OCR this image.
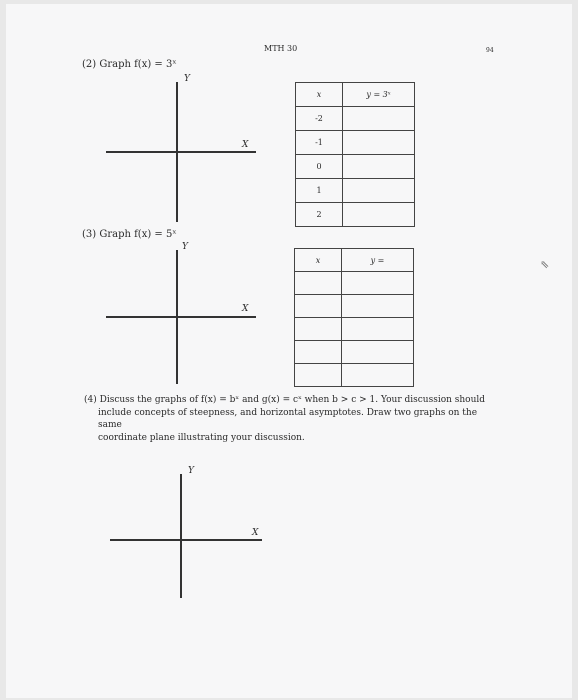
MTH 30	94
(2) Graph f(x) = 3ˣ
Y
X
x	y = 3ˣ
-2	
-1	
0	
1	
2	
(3) Graph f(x) = 5ˣ
Y
X
x	y =

(4) Discuss the graphs of f(x) = bˣ and g(x) = cˣ when b > c > 1. Your discussion should
include concepts of steepness, and horizontal asymptotes. Draw two graphs on the same
coordinate plane illustrating your discussion.
Y
X
⇖
